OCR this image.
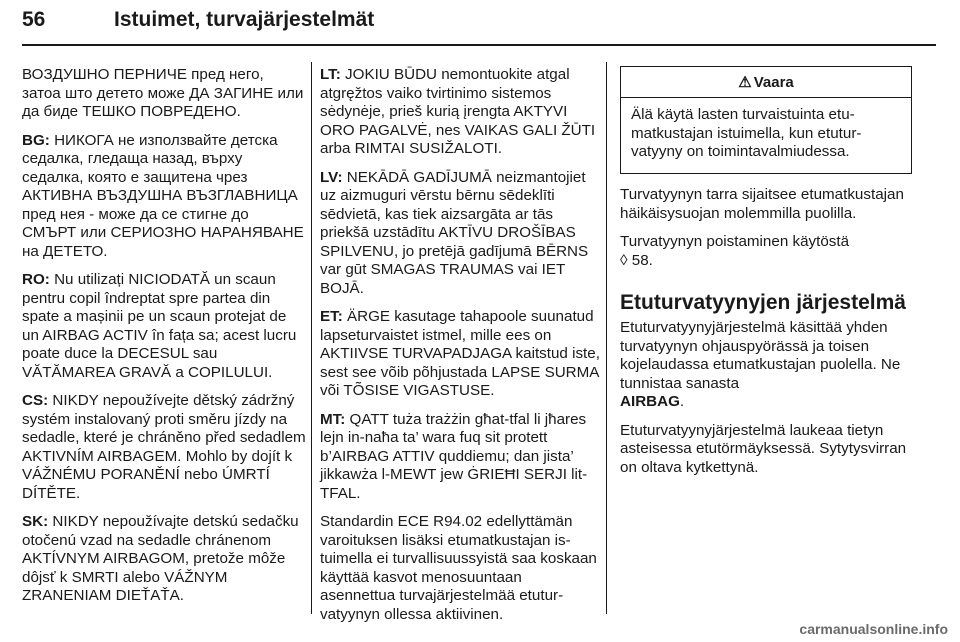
56	Istuimet, turvajärjestelmät

ВОЗДУШНО ПЕРНИЧЕ пред него, затоа што детето може ДА ЗАГИНЕ или да биде ТЕШКО ПОВРЕДЕНО.

BG: НИКОГА не използвайте детска седалка, гледаща назад, върху седалка, която е защитена чрез АКТИВНА ВЪЗДУШНА ВЪЗГЛАВНИЦА пред нея - може да се стигне до СМЪРТ или СЕРИОЗНО НАРАНЯВАНЕ на ДЕТЕТО.

RO: Nu utilizați NICIODATĂ un scaun pentru copil îndreptat spre partea din spate a mașinii pe un scaun protejat de un AIRBAG ACTIV în fața sa; acest lucru poate duce la DECESUL sau VĂTĂMAREA GRAVĂ a COPILULUI.

CS: NIKDY nepoužívejte dětský zádržný systém instalovaný proti směru jízdy na sedadle, které je chráněno před sedadlem AKTIVNÍM AIRBAGEM. Mohlo by dojít k VÁŽNÉMU PORANĚNÍ nebo ÚMRTÍ DÍTĚTE.

SK: NIKDY nepoužívajte detskú sedačku otočenú vzad na sedadle chránenom AKTÍVNYM AIRBAGOM, pretože môže dôjsť k SMRTI alebo VÁŽNYM ZRANENIAM DIEŤAŤA.

LT: JOKIU BŪDU nemontuokite atgal atgręžtos vaiko tvirtinimo sistemos sėdynėje, prieš kurią įrengta AKTYVI ORO PAGALVĖ, nes VAIKAS GALI ŽŪTI arba RIMTAI SUSIŽALOTI.

LV: NEKĀDĀ GADĪJUMĀ neizmantojiet uz aizmuguri vērstu bērnu sēdeklīti sēdvietā, kas tiek aizsargāta ar tās priekšā uzstādītu AKTĪVU DROŠĪBAS SPILVENU, jo pretējā gadījumā BĒRNS var gūt SMAGAS TRAUMAS vai IET BOJĀ.

ET: ÄRGE kasutage tahapoole suunatud lapseturvaistet istmel, mille ees on AKTIIVSE TURVAPADJAGA kaitstud iste, sest see võib põhjustada LAPSE SURMA või TÕSISE VIGASTUSE.

MT: QATT tuża trażżin għat-tfal li jħares lejn in-naħa ta’ wara fuq sit protett b’AIRBAG ATTIV quddiemu; dan jista’ jikkawża l-MEWT jew ĠRIEĦI SERJI lit-TFAL.

Standardin ECE R94.02 edellyttämän varoituksen lisäksi etumatkustajan istuimella ei turvallisuussyistä saa koskaan käyttää kasvot menosuuntaan asennettua turvajärjestelmää etuturvatyynyn ollessa aktiivinen.

⚠ Vaara
Älä käytä lasten turvaistuinta etumatkustajan istuimella, kun etuturvatyyny on toimintavalmiudessa.

Turvatyynyn tarra sijaitsee etumatkustajan häikäisysuojan molemmilla puolilla.

Turvatyynyn poistaminen käytöstä
◊ 58.

Etuturvatyynyjen järjestelmä

Etuturvatyynyjärjestelmä käsittää yhden turvatyynyn ohjauspyörässä ja toisen kojelaudassa etumatkustajan puolella. Ne tunnistaa sanasta
AIRBAG.

Etuturvatyynyjärjestelmä laukeaa tietyn asteisessa etutörmäyksessä. Sytytysvirran on oltava kytkettynä.

carmanualsonline.info
